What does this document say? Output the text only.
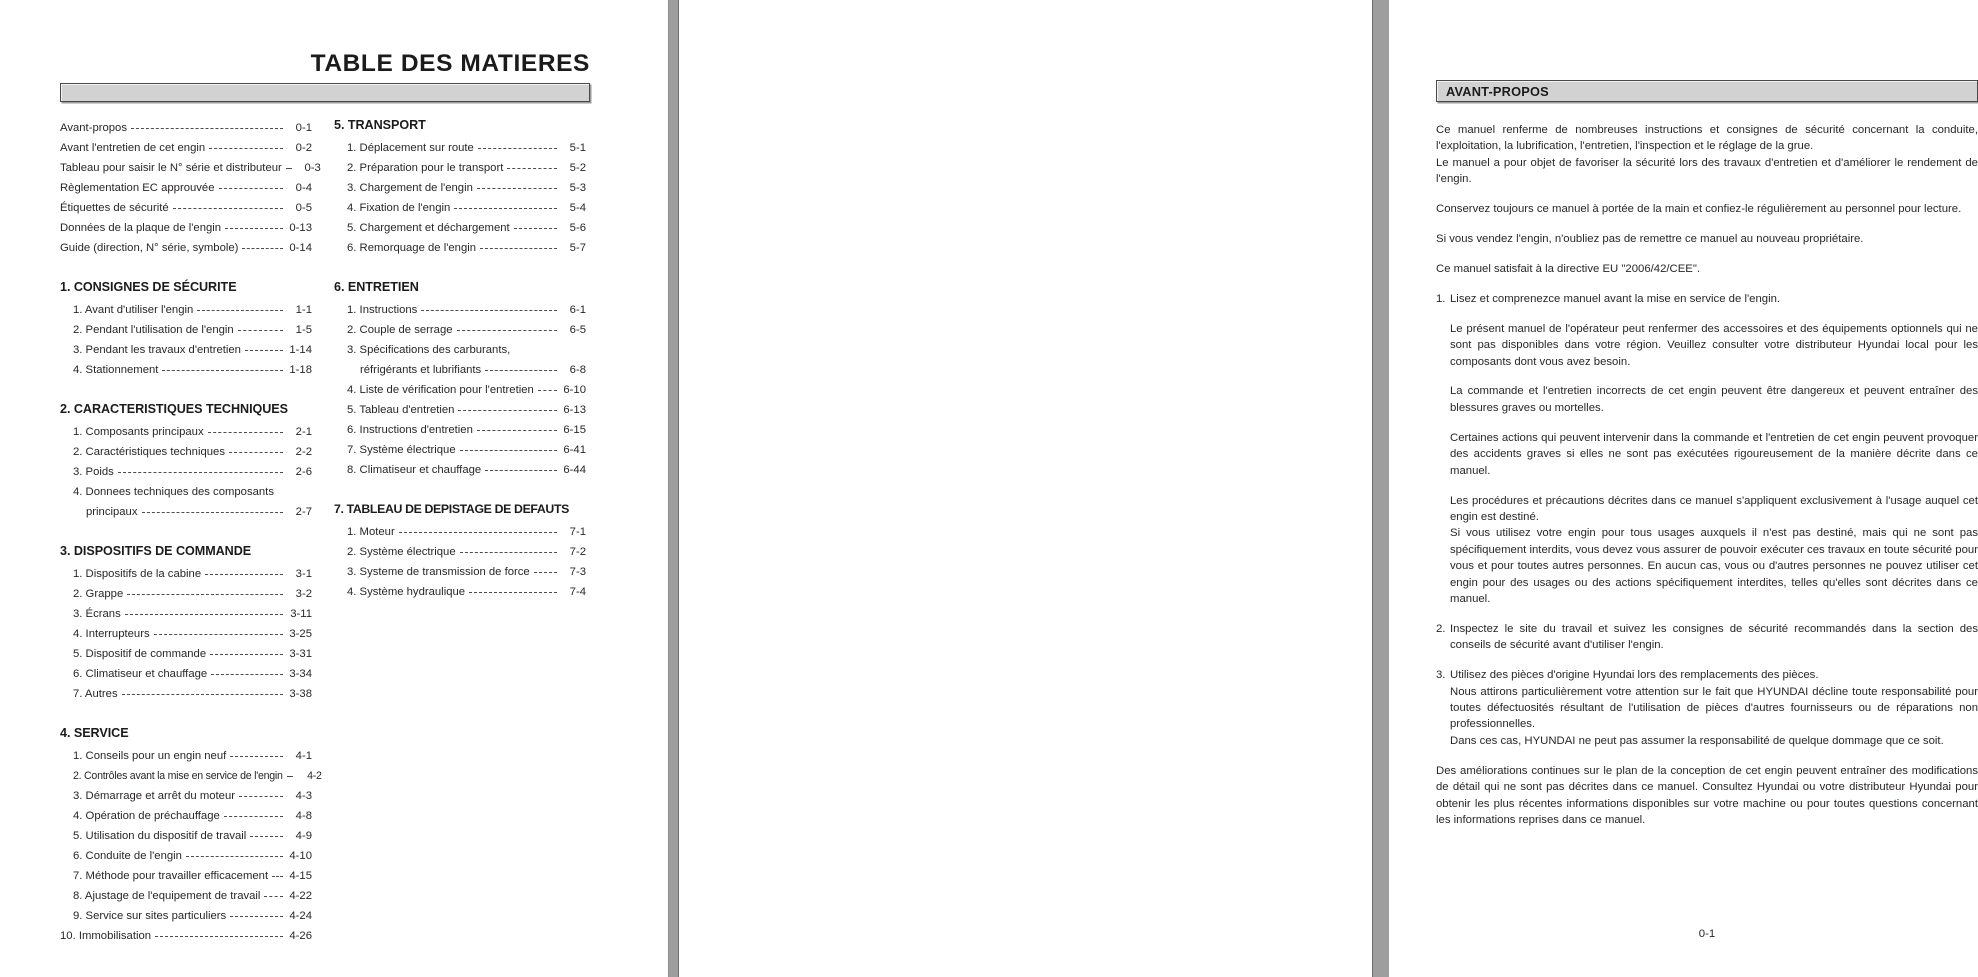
TABLE DES MATIERES
Avant-propos	0-1
Avant l'entretien de cet engin	0-2
Tableau pour saisir le N° série et distributeur	0-3
Règlementation EC approuvée	0-4
Étiquettes de sécurité	0-5
Données de la plaque de l'engin	0-13
Guide (direction, N° série, symbole)	0-14
1. CONSIGNES DE SÉCURITE
1. Avant d'utiliser l'engin	1-1
2. Pendant l'utilisation de l'engin	1-5
3. Pendant les travaux d'entretien	1-14
4. Stationnement	1-18
2. CARACTERISTIQUES TECHNIQUES
1. Composants principaux	2-1
2. Caractéristiques techniques	2-2
3. Poids	2-6
4. Donnees techniques des composants
principaux	2-7
3. DISPOSITIFS DE COMMANDE
1. Dispositifs de la cabine	3-1
2. Grappe	3-2
3. Écrans	3-11
4. Interrupteurs	3-25
5. Dispositif de commande	3-31
6. Climatiseur et chauffage	3-34
7. Autres	3-38
4. SERVICE
1. Conseils pour un engin neuf	4-1
2. Contrôles avant la mise en service de l'engin	4-2
3. Démarrage et arrêt du moteur	4-3
4. Opération de préchauffage	4-8
5. Utilisation du dispositif de travail	4-9
6. Conduite de l'engin	4-10
7. Méthode pour travailler efficacement 4-15
8. Ajustage de l'equipement de travail	4-22
9. Service sur sites particuliers	4-24
10. Immobilisation	4-26
5. TRANSPORT
1. Déplacement sur route	5-1
2. Préparation pour le transport	5-2
3. Chargement de l'engin	5-3
4. Fixation de l'engin	5-4
5. Chargement et déchargement	5-6
6. Remorquage de l'engin	5-7
6. ENTRETIEN
1. Instructions	6-1
2. Couple de serrage	6-5
3. Spécifications des carburants,
réfrigérants et lubrifiants	6-8
4. Liste de vérification pour l'entretien	6-10
5. Tableau d'entretien	6-13
6. Instructions d'entretien	6-15
7. Système électrique	6-41
8. Climatiseur et chauffage	6-44
7. TABLEAU DE DEPISTAGE DE DEFAUTS
1. Moteur	7-1
2. Système électrique	7-2
3. Systeme de transmission de force	7-3
4. Système hydraulique	7-4
AVANT-PROPOS

Ce manuel renferme de nombreuses instructions et consignes de sécurité concernant la conduite, l'exploitation, la lubrification, l'entretien, l'inspection et le réglage de la grue.

Le manuel a pour objet de favoriser la sécurité lors des travaux d'entretien et d'améliorer le rendement de l'engin.

Conservez toujours ce manuel à portée de la main et confiez-le régulièrement au personnel pour lecture.

Si vous vendez l'engin, n'oubliez pas de remettre ce manuel au nouveau propriétaire.

Ce manuel satisfait à la directive EU "2006/42/CEE".

1. Lisez et comprenezce manuel avant la mise en service de l'engin.

Le présent manuel de l'opérateur peut renfermer des accessoires et des équipements optionnels qui ne sont pas disponibles dans votre région. Veuillez consulter votre distributeur Hyundai local pour les composants dont vous avez besoin.

La commande et l'entretien incorrects de cet engin peuvent être dangereux et peuvent entraîner des blessures graves ou mortelles.

Certaines actions qui peuvent intervenir dans la commande et l'entretien de cet engin peuvent provoquer des accidents graves si elles ne sont pas exécutées rigoureusement de la manière décrite dans ce manuel.

Les procédures et précautions décrites dans ce manuel s'appliquent exclusivement à l'usage auquel cet engin est destiné.

Si vous utilisez votre engin pour tous usages auxquels il n'est pas destiné, mais qui ne sont pas spécifiquement interdits, vous devez vous assurer de pouvoir exécuter ces travaux en toute sécurité pour vous et pour toutes autres personnes. En aucun cas, vous ou d'autres personnes ne pouvez utiliser cet engin pour des usages ou des actions spécifiquement interdites, telles qu'elles sont décrites dans ce manuel.

2. Inspectez le site du travail et suivez les consignes de sécurité recommandés dans la section des conseils de sécurité avant d'utiliser l'engin.

3. Utilisez des pièces d'origine Hyundai lors des remplacements des pièces.

Nous attirons particulièrement votre attention sur le fait que HYUNDAI décline toute responsabilité pour toutes défectuosités résultant de l'utilisation de pièces d'autres fournisseurs ou de réparations non professionnelles.

Dans ces cas, HYUNDAI ne peut pas assumer la responsabilité de quelque dommage que ce soit.

Des améliorations continues sur le plan de la conception de cet engin peuvent entraîner des modifications de détail qui ne sont pas décrites dans ce manuel. Consultez Hyundai ou votre distributeur Hyundai pour obtenir les plus récentes informations disponibles sur votre machine ou pour toutes questions concernant les informations reprises dans ce manuel.

0-1
